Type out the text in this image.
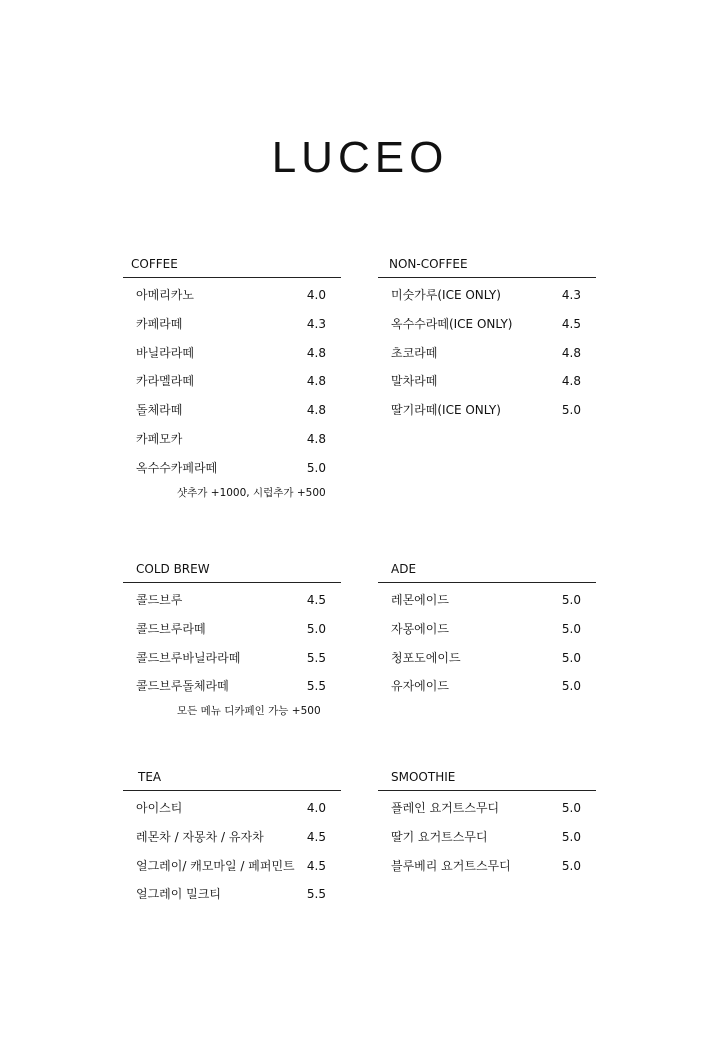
LUCEO
COFFEE
아메리카노	4.0
카페라떼	4.3
바닐라라떼	4.8
카라멜라떼	4.8
돌체라떼	4.8
카페모카	4.8
옥수수카페라떼	5.0
샷추가 +1000, 시럽추가 +500
NON-COFFEE
미숫가루(ICE ONLY)	4.3
옥수수라떼(ICE ONLY)	4.5
초코라떼	4.8
말차라떼	4.8
딸기라떼(ICE ONLY)	5.0
COLD BREW
콜드브루	4.5
콜드브루라떼	5.0
콜드브루바닐라라떼	5.5
콜드브루돌체라떼	5.5
모든 메뉴 디카페인 가능 +500
ADE
레몬에이드	5.0
자몽에이드	5.0
청포도에이드	5.0
유자에이드	5.0
TEA
아이스티	4.0
레몬차 / 자몽차 / 유자차	4.5
얼그레이/ 캐모마일 / 페퍼민트 4.5
얼그레이 밀크티	5.5
SMOOTHIE
플레인 요거트스무디	5.0
딸기 요거트스무디	5.0
블루베리 요거트스무디	5.0
